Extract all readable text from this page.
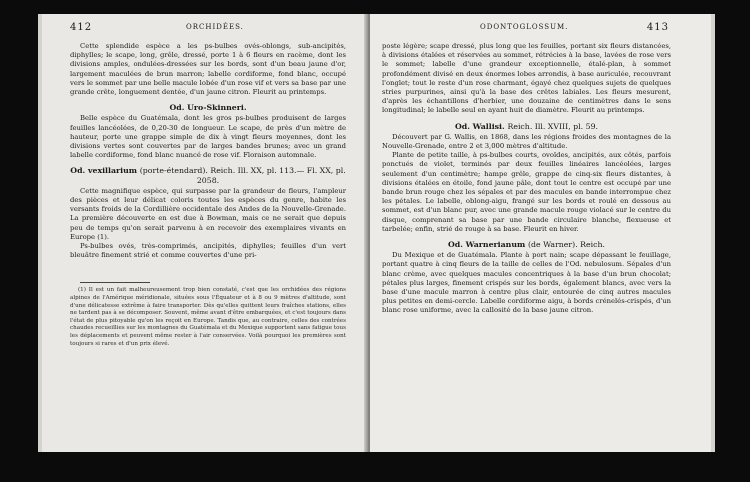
412	ORCHIDÉES.

Cette splendide espèce a les ps-bulbes ovés-oblongs, sub-ancipités, diphylles; le scape, long, grêle, dressé, porte 1 à 6 fleurs en racème, dont les divisions amples, ondulées-dressées sur les bords, sont d'un beau jaune d'or, largement maculées de brun marron; labelle cordiforme, fond blanc, occupé vers le sommet par une belle macule lobée d'un rose vif et vers sa base par une grande crête, longuement dentée, d'un jaune citron. Fleurit au printemps.

Od. Uro-Skinneri.

Belle espèce du Guatémala, dont les gros ps-bulbes produisent de larges feuilles lancéolées, de 0,20-30 de longueur. Le scape, de près d'un mètre de hauteur, porte une grappe simple de dix à vingt fleurs moyennes, dont les divisions vertes sont couvertes par de larges bandes brunes; avec un grand labelle cordiforme, fond blanc nuancé de rose vif. Floraison automnale.

Od. vexillarium (porte-étendard). Reich. Ill. XX, pl. 113.— Fl. XX, pl. 2058.

Cette magnifique espèce, qui surpasse par la grandeur de fleurs, l'ampleur des pièces et leur délicat coloris toutes les espèces du genre, habite les versants froids de la Cordillière occidentale des Andes de la Nouvelle-Grenade. La première découverte en est due à Bowman, mais ce ne serait que depuis peu de temps qu'on serait parvenu à en recevoir des exemplaires vivants en Europe (1).

Ps-bulbes ovés, très-comprimés, ancipités, diphylles; feuilles d'un vert bleuâtre finement strié et comme couvertes d'une pri-

(1) Il est un fait malheureusement trop bien constaté, c'est que les orchidées des régions alpines de l'Amérique méridionale, situées sous l'Équateur et à 8 ou 9 mètres d'altitude, sont d'une délicatesse extrême à faire transporter. Dès qu'elles quittent leurs fraîches stations, elles ne tardent pas à se décomposer. Souvent, même avant d'être embarquées, et c'est toujours dans l'état de plus pitoyable qu'on les reçoit en Europe. Tandis que, au contraire, celles des contrées chaudes recueillies sur les montagnes du Guatémala et du Mexique supportent sans fatigue tous les déplacements et peuvent même rester à l'air conservées. Voilà pourquoi les premières sont toujours si rares et d'un prix élevé.

ODONTOGLOSSUM.	413

poste légère; scape dressé, plus long que les feuilles, portant six fleurs distancées, à divisions étalées et réservées au sommet, rétrécies à la base, lavées de rose vers le sommet; labelle d'une grandeur exceptionnelle, étalé-plan, à sommet profondément divisé en deux énormes lobes arrondis, à base auriculée, recouvrant l'onglet; tout le reste d'un rose charmant, égayé chez quelques sujets de quelques stries purpurines, ainsi qu'à la base des crêtes labiales. Les fleurs mesurent, d'après les échantillons d'herbier, une douzaine de centimètres dans le sens longitudinal; le labelle seul en ayant huit de diamètre. Fleurit au printemps.

Od. Wallisi. Reich. Ill. XVIII, pl. 59.

Découvert par G. Wallis, en 1868, dans les régions froides des montagnes de la Nouvelle-Grenade, entre 2 et 3,000 mètres d'altitude.

Plante de petite taille, à ps-bulbes courts, ovoïdes, ancipités, aux côtés, parfois ponctués de violet, terminés par deux feuilles linéaires lancéolées, larges seulement d'un centimètre; hampe grêle, grappe de cinq-six fleurs distantes, à divisions étalées en étoile, fond jaune pâle, dont tout le centre est occupé par une bande brun rouge chez les sépales et par des macules en bande interrompue chez les pétales. Le labelle, oblong-aigu, frangé sur les bords et roulé en dessous au sommet, est d'un blanc pur, avec une grande macule rouge violacé sur le centre du disque, comprenant sa base par une bande circulaire blanche, flexueuse et tarbelée; enfin, strié de rouge à sa base. Fleurit en hiver.

Od. Warnerianum (de Warner). Reich.

Du Mexique et de Guatémala. Plante à port nain; scape dépassant le feuillage, portant quatre à cinq fleurs de la taille de celles de l'Od. nebulosum. Sépales d'un blanc crème, avec quelques macules concentriques à la base d'un brun chocolat; pétales plus larges, finement crispés sur les bords, également blancs, avec vers la base d'une macule marron à centre plus clair, entourée de cinq autres macules plus petites en demi-cercle. Labelle cordiforme aigu, à bords crénelés-crispés, d'un blanc rose uniforme, avec la callosité de la base jaune citron.
